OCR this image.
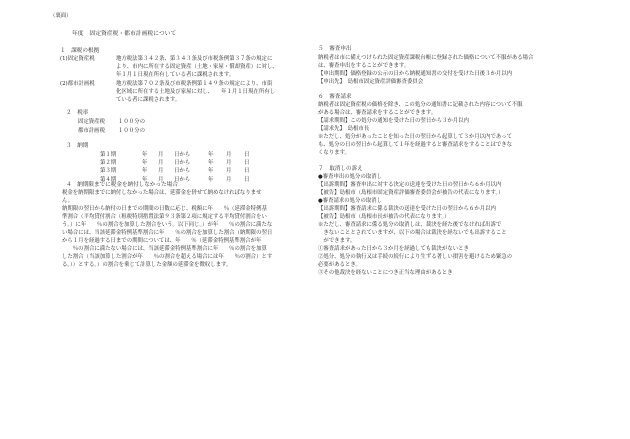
（裏面）
年度　固定資産税・都市計画税について
１　課税の根拠
(1)固定資産税	地方税法第３４２条、第３４３条及び市税条例第３７条の規定に
より、市内に所在する固定資産（土地・家屋・償却資産）に対し、
年１月１日現在所有している者に課税されます。
(2)都市計画税	地方税法第７０２条及び市税条例第１４９条の規定により、市街
化区域に所在する土地及び家屋に対し、　　年１月１日現在所有し
ている者に課税されます。
２　税率
固定資産税 １００分の
都市計画税 １００分の
３　納期
第１期	年 月 日から	年 月 日
第２期	年 月 日から	年 月 日
第３期	年 月 日から	年 月 日
第４期	年 月 日から	年 月 日
４　納期限までに税金を納付しなかった場合
税金を納期限までに納付しなかった場合は、延滞金を併せて納めなければなりませ
ん。
納期限の翌日から納付の日までの期間の日数に応じ、税額に年　　％（延滞金特例基
準割合（平均貸付割合（租税特別措置法第９３条第２項に規定する平均貸付割合をい
う。）に年　　％の割合を加算した割合をいう。以下同じ。）が年　　％の割合に満たな
い場合には、当該延滞金特例基準割合に年　　％の割合を加算した割合（納期限の翌日
から１月を経過する日までの期間については、年　　％（延滞金特例基準割合が年
　　％の割合に満たない場合には、当該延滞金特例基準割合に年　　％の割合を加算
した割合（当該加算した割合が年　　％の割合を超える場合には年　　％の割合）とす
る。））とする。）の割合を乗じて計算した金額の延滞金を徴収します。
５　審査申出
納税者は市に備えつけられた固定資産課税台帳に登録された価格について不服がある場合
は、審査申出をすることができます。
【申出期間】価格登録の公示の日から納税通知書の交付を受けた日後３か月以内
【申出先】　島根市固定資産評価審査委員会
６　審査請求
納税者は固定資産税の価格を除き、この処分の通知書に記載された内容について不服
がある場合は、審査請求をすることができます。
【請求期間】この処分の通知を受けた日の翌日から３か月以内
【請求先】　島根市長
※ただし、処分があったことを知った日の翌日から起算して３か月以内であって
も、処分の日の翌日から起算して１年を経過すると審査請求をすることはできな
くなります。
７　取消しの訴え
●審査申出の処分の取消し
【出訴期間】審査申出に対する決定の送達を受けた日の翌日から６か月以内
【被告】島根市（島根市固定資産評価審査委員会が被告の代表になります。）
●審査請求の処分の取消し
【出訴期間】審査請求に係る裁決の送達を受けた日の翌日から６か月以内
【被告】島根市（島根市長が被告の代表になります。）
※ただし、審査請求に係る処分の取消しは、裁決を経た後でなければ出訴で
　きないこととされていますが、以下の場合は裁決を経ないでも出訴すること
　ができます。
①審査請求があった日から３か月を経過しても裁決がないとき
②処分、処分の執行又は手続の続行により生ずる著しい損害を避けるため緊急の
必要があるとき。
③その他裁決を経ないことにつき正当な理由があるとき
